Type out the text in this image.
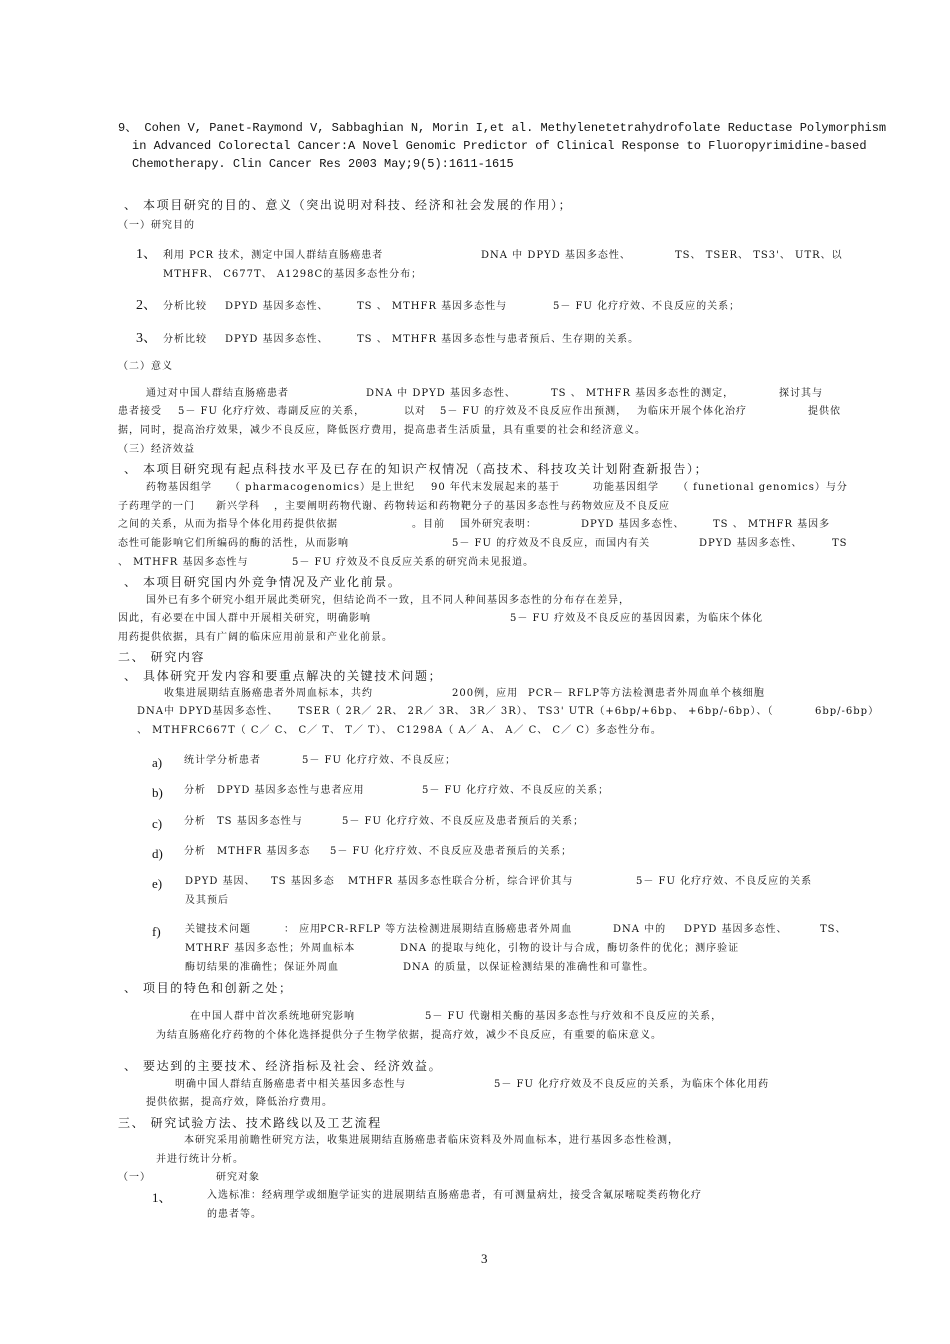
9、 Cohen V, Panet-Raymond V, Sabbaghian N, Morin I,et al. Methylenetetrahydrofolate Reductase Polymorphism
in Advanced Colorectal Cancer:A Novel Genomic Predictor of Clinical Response to Fluoropyrimidine-based
Chemotherapy. Clin Cancer Res 2003 May;9(5):1611-1615
、 本项目研究的目的、意义（突出说明对科技、经济和社会发展的作用）；
（一）研究目的
1、 利用 PCR 技术，测定中国人群结直肠癌患者	DNA 中 DPYD 基因多态性、	TS、 TSER、 TS3'、 UTR、以
MTHFR、 C677T、 A1298C的基因多态性分布；
2、 分析比较 DPYD 基因多态性、	TS 、 MTHFR 基因多态性与	5－ FU 化疗疗效、不良反应的关系；
3、 分析比较 DPYD 基因多态性、	TS 、 MTHFR 基因多态性与患者预后、生存期的关系。
（二）意义
通过对中国人群结直肠癌患者	DNA 中 DPYD 基因多态性、	TS 、 MTHFR 基因多态性的测定，	探讨其与
患者接受 5－ FU 化疗疗效、毒副反应的关系，	以对 5－ FU 的疗效及不良反应作出预测， 为临床开展个体化治疗	提供依
据，同时，提高治疗效果，减少不良反应，降低医疗费用，提高患者生活质量，具有重要的社会和经济意义。
（三）经济效益
、 本项目研究现有起点科技水平及已存在的知识产权情况（高技术、科技攻关计划附查新报告）；
药物基因组学 （ pharmacogenomics）是上世纪 90 年代末发展起来的基于	功能基因组学 （ funetional genomics）与分
子药理学的一门 新兴学科 ，主要阐明药物代谢、药物转运和药物靶分子的基因多态性与药物效应及不良反应
之间的关系，从而为指导个体化用药提供依据	。目前 国外研究表明：	DPYD 基因多态性、	TS 、 MTHFR 基因多
态性可能影响它们所编码的酶的活性，从而影响	5－ FU 的疗效及不良反应，而国内有关	DPYD 基因多态性、	TS
、 MTHFR 基因多态性与	5－ FU 疗效及不良反应关系的研究尚未见报道。
、 本项目研究国内外竞争情况及产业化前景。
国外已有多个研究小组开展此类研究，但结论尚不一致，且不同人种间基因多态性的分布存在差异，
因此，有必要在中国人群中开展相关研究，明确影响	5－ FU 疗效及不良反应的基因因素，为临床个体化
用药提供依据，具有广阔的临床应用前景和产业化前景。
二、 研究内容
、 具体研究开发内容和要重点解决的关键技术问题；
收集进展期结直肠癌患者外周血标本，共约	200例，应用 PCR－ RFLP等方法检测患者外周血单个核细胞
DNA中 DPYD基因多态性、 TSER（ 2R／ 2R、 2R／ 3R、 3R／ 3R）、 TS3' UTR（+6bp/+6bp、 +6bp/-6bp）、（	6bp/-6bp）
、 MTHFRC667T（ C／ C、 C／ T、 T／ T）、 C1298A（ A／ A、 A／ C、 C／ C）多态性分布。
a) 统计学分析患者	5－ FU 化疗疗效、不良反应；
b) 分析 DPYD 基因多态性与患者应用	5－ FU 化疗疗效、不良反应的关系；
c) 分析 TS 基因多态性与	5－ FU 化疗疗效、不良反应及患者预后的关系；
d) 分析 MTHFR 基因多态 5－ FU 化疗疗效、不良反应及患者预后的关系；
e) DPYD 基因、 TS 基因多态 MTHFR 基因多态性联合分析，综合评价其与	5－ FU 化疗疗效、不良反应的关系
及其预后
f) 关键技术问题	： 应用
PCR-RFLP 等方法检测进展期结直肠癌患者外周血	DNA 中的 DPYD 基因多态性、	TS、
MTHRF 基因多态性；外周血标本	DNA 的提取与纯化，引物的设计与合成，酶切条件的优化；测序验证
酶切结果的准确性；保证外周血	DNA 的质量，以保证检测结果的准确性和可靠性。
、 项目的特色和创新之处；
在中国人群中首次系统地研究影响	5－ FU 代谢相关酶的基因多态性与疗效和不良反应的关系，
为结直肠癌化疗药物的个体化选择提供分子生物学依据，提高疗效，减少不良反应，有重要的临床意义。
、 要达到的主要技术、经济指标及社会、经济效益。
明确中国人群结直肠癌患者中相关基因多态性与	5－ FU 化疗疗效及不良反应的关系，为临床个体化用药
提供依据，提高疗效，降低治疗费用。
三、 研究试验方法、技术路线以及工艺流程
本研究采用前瞻性研究方法，收集进展期结直肠癌患者临床资料及外周血标本，进行基因多态性检测，
并进行统计分析。
（一）	研究对象
1、	入选标准：经病理学或细胞学证实的进展期结直肠癌患者，有可测量病灶，接受含氟尿嘧啶类药物化疗
的患者等。
3
